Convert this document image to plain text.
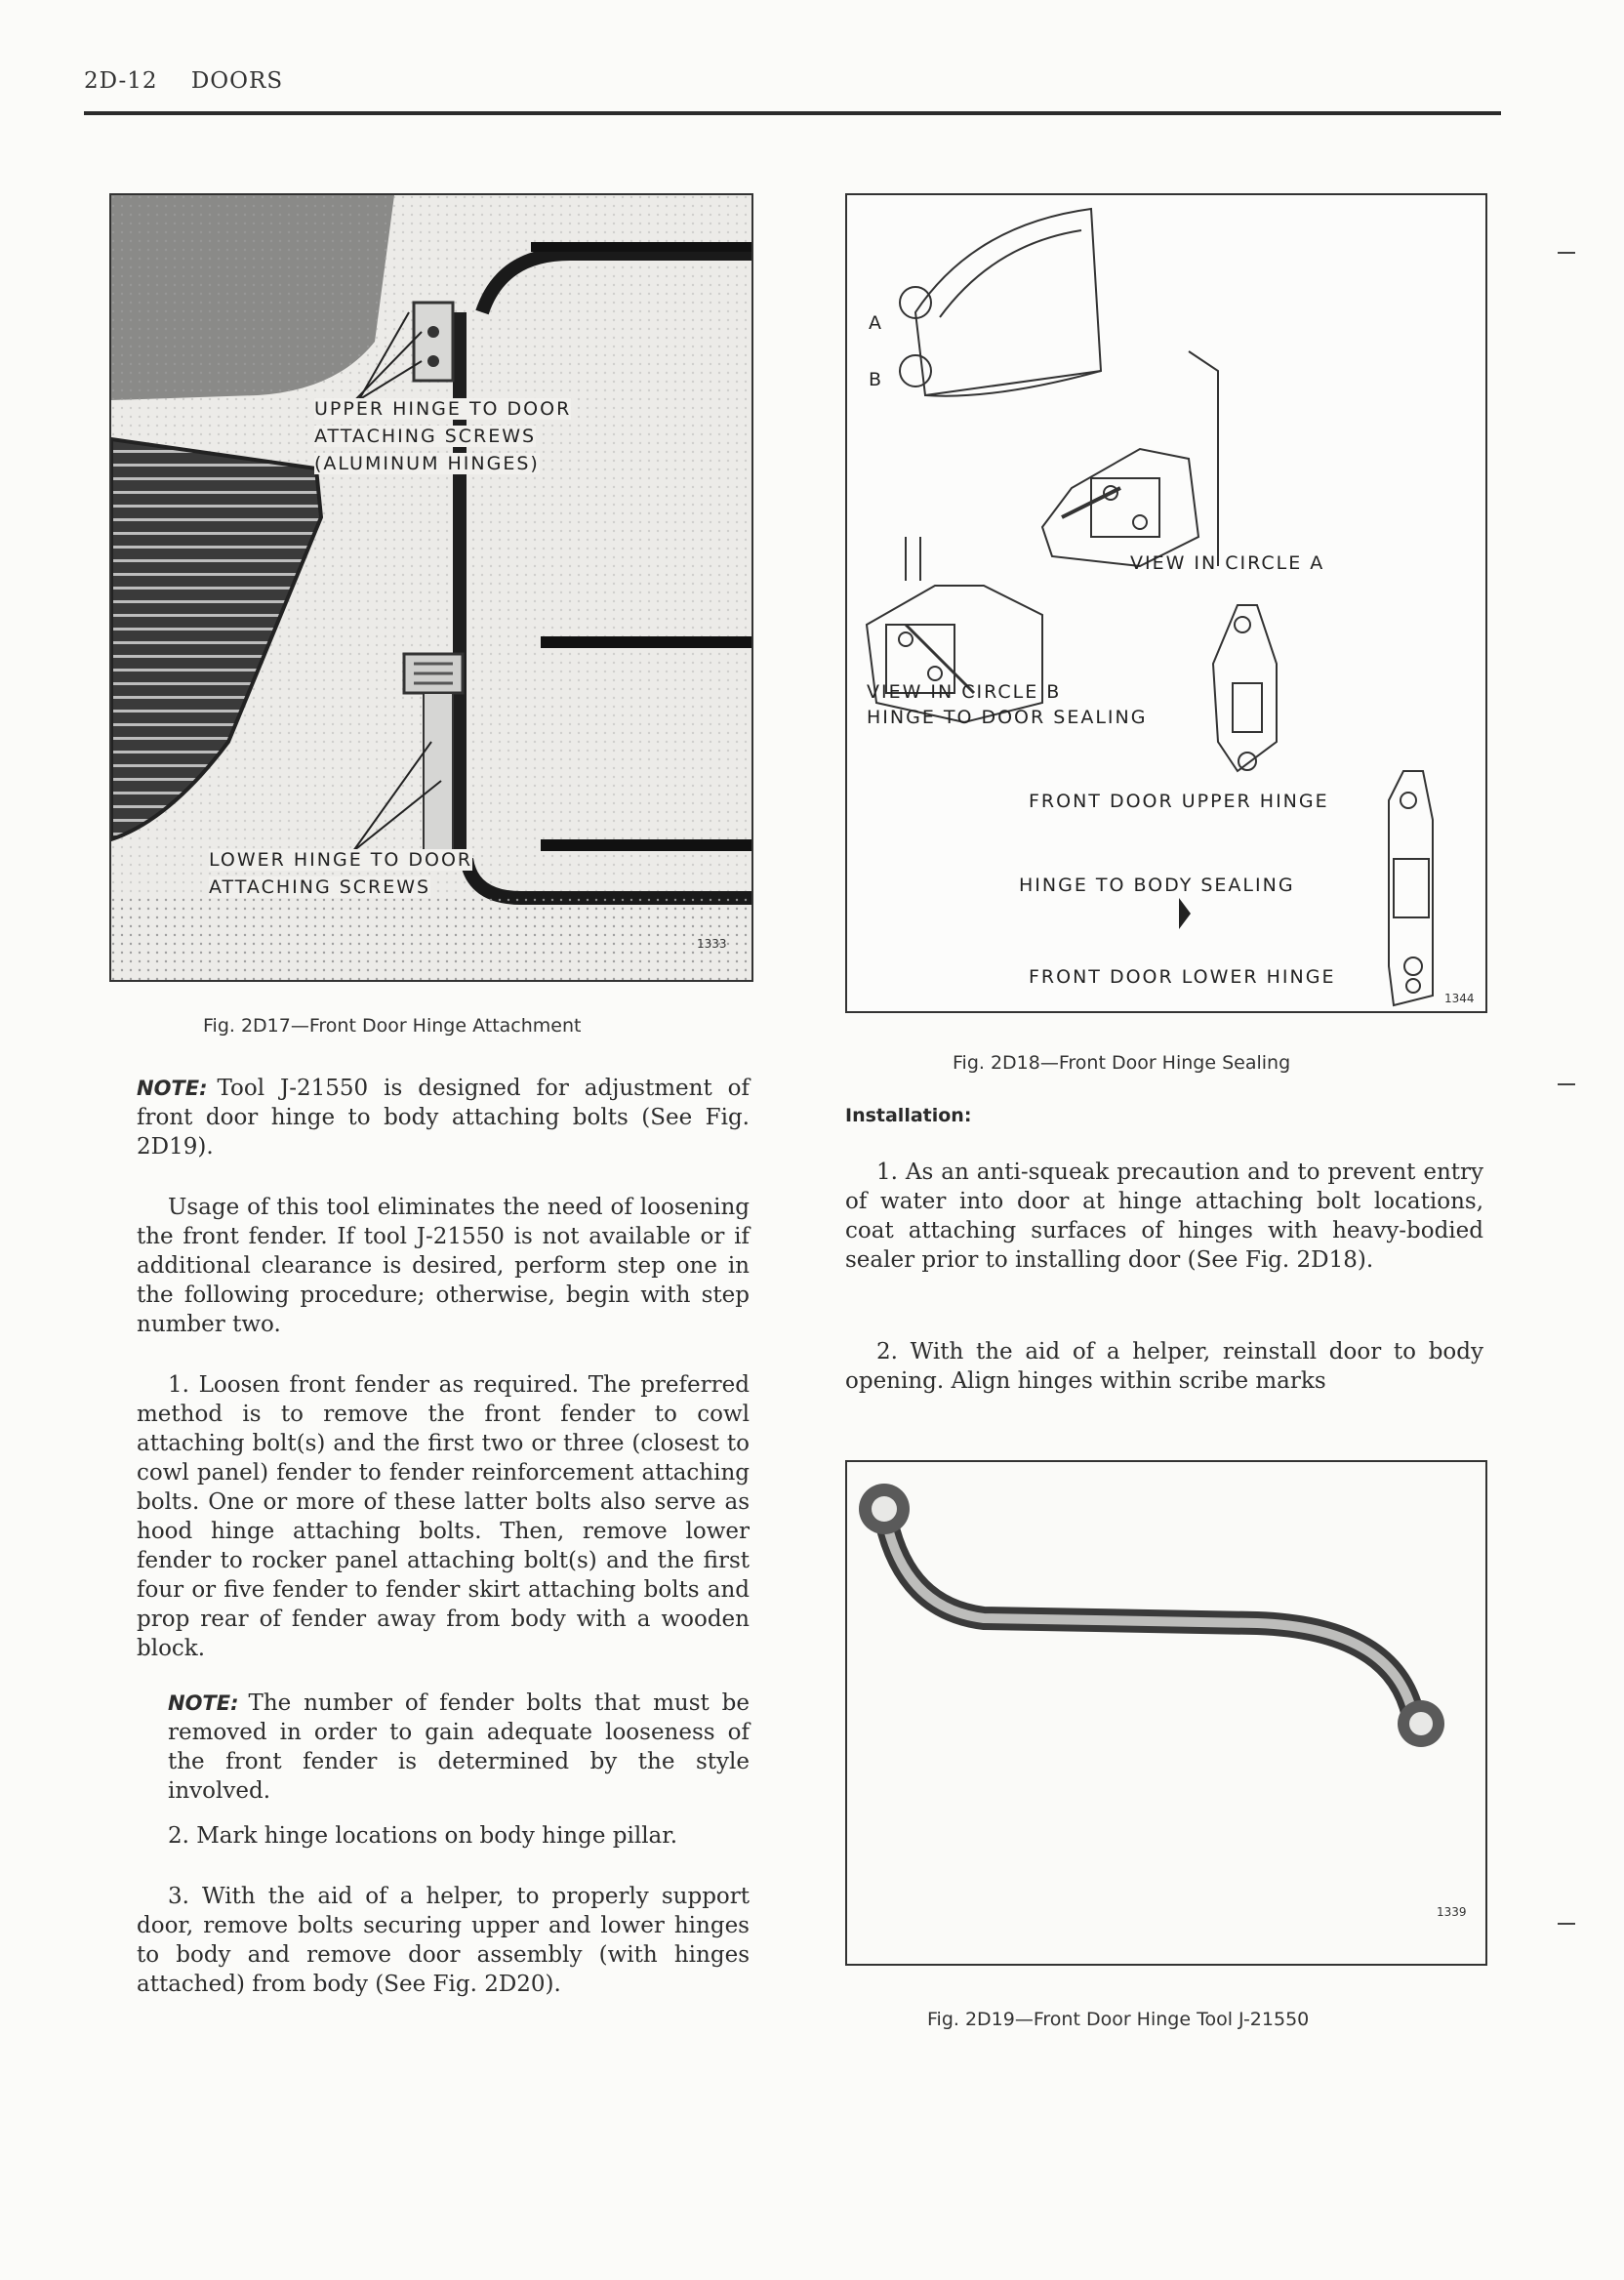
2D-12 DOORS
UPPER HINGE TO DOOR
ATTACHING SCREWS
(ALUMINUM HINGES)
LOWER HINGE TO DOOR
ATTACHING SCREWS
1333
Fig. 2D17—Front Door Hinge Attachment
A
B
VIEW IN CIRCLE A
VIEW IN CIRCLE B
HINGE TO DOOR SEALING
FRONT DOOR UPPER HINGE
HINGE TO BODY SEALING
FRONT DOOR LOWER HINGE
1344
Fig. 2D18—Front Door Hinge Sealing
NOTE: Tool J-21550 is designed for adjustment of front door hinge to body attaching bolts (See Fig. 2D19).
Usage of this tool eliminates the need of loosening the front fender. If tool J-21550 is not available or if additional clearance is desired, perform step one in the following procedure; otherwise, begin with step number two.
1. Loosen front fender as required. The preferred method is to remove the front fender to cowl attaching bolt(s) and the first two or three (closest to cowl panel) fender to fender reinforcement attaching bolts. One or more of these latter bolts also serve as hood hinge attaching bolts. Then, remove lower fender to rocker panel attaching bolt(s) and the first four or five fender to fender skirt attaching bolts and prop rear of fender away from body with a wooden block.
NOTE: The number of fender bolts that must be removed in order to gain adequate looseness of the front fender is determined by the style involved.
2. Mark hinge locations on body hinge pillar.
3. With the aid of a helper, to properly support door, remove bolts securing upper and lower hinges to body and remove door assembly (with hinges attached) from body (See Fig. 2D20).
Installation:
1. As an anti-squeak precaution and to prevent entry of water into door at hinge attaching bolt locations, coat attaching surfaces of hinges with heavy-bodied sealer prior to installing door (See Fig. 2D18).
2. With the aid of a helper, reinstall door to body opening. Align hinges within scribe marks
1339
Fig. 2D19—Front Door Hinge Tool J-21550
